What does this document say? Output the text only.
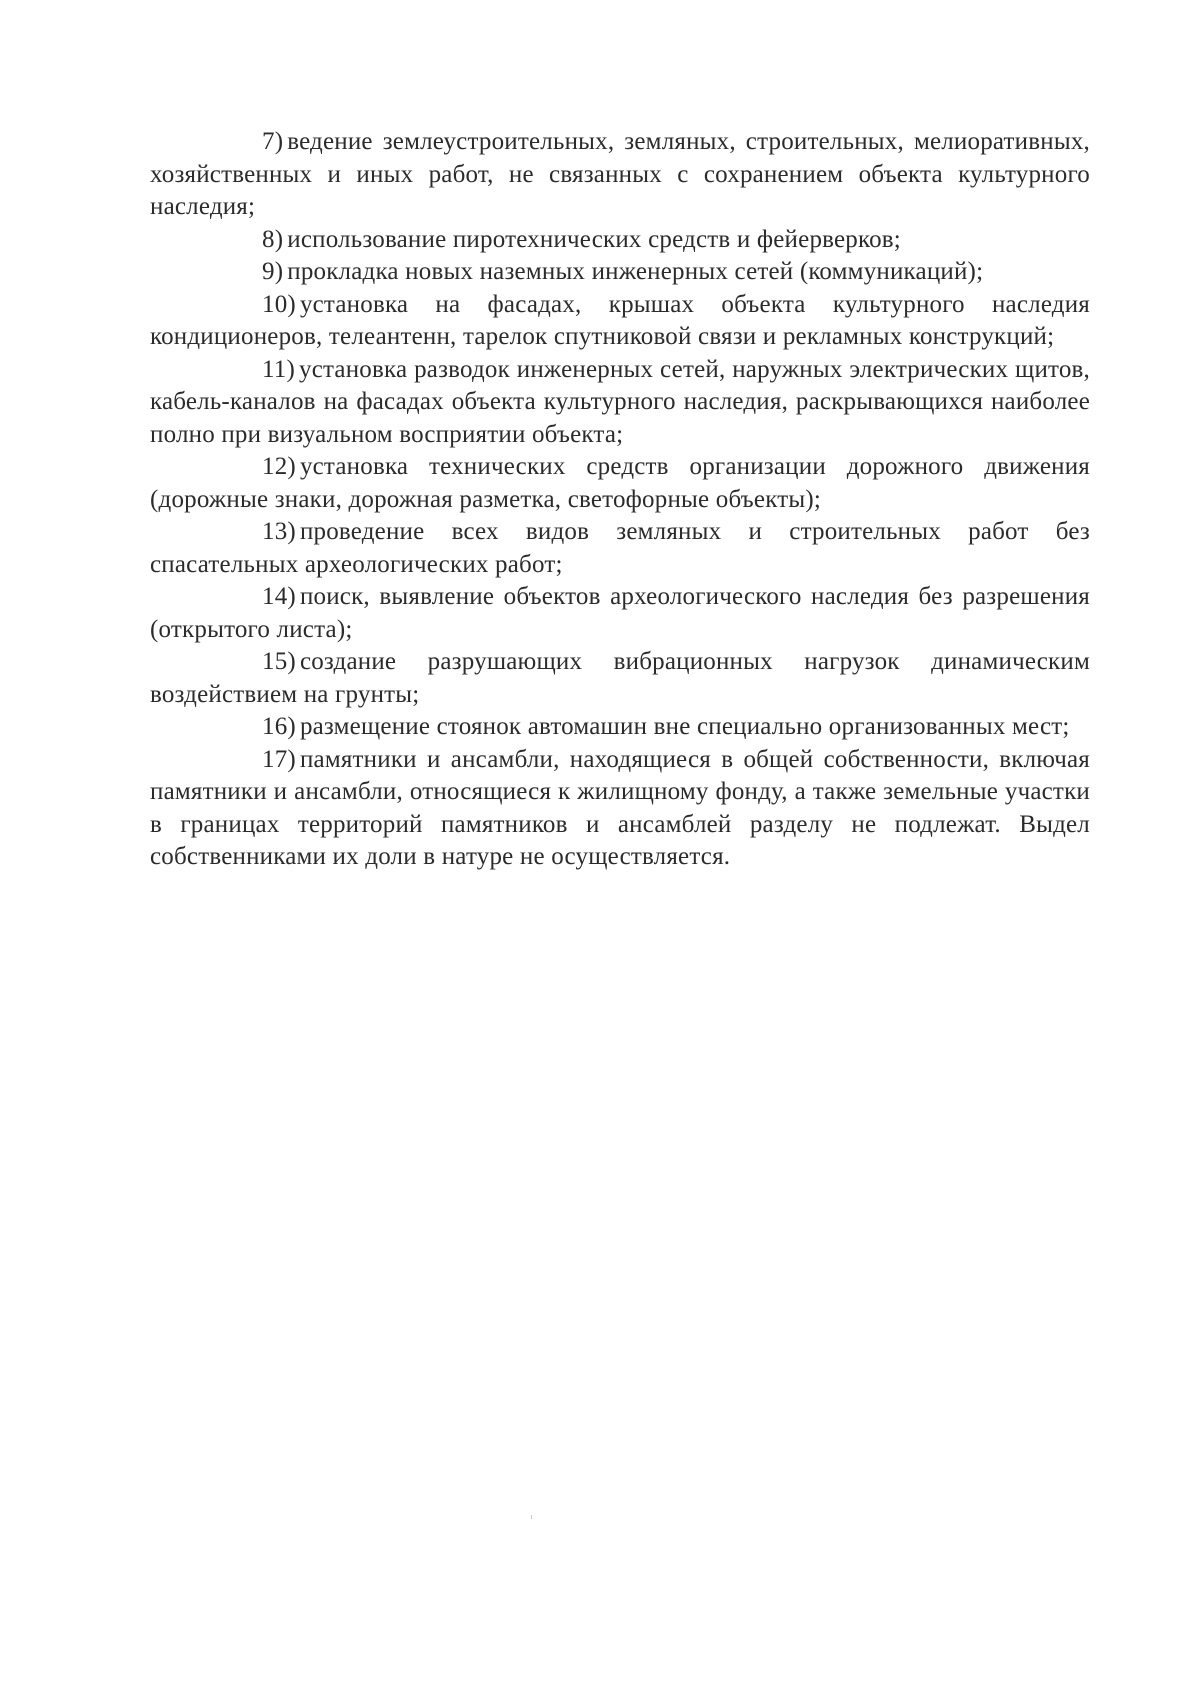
7) ведение землеустроительных, земляных, строительных, мелиоративных, хозяйственных и иных работ, не связанных с сохранением объекта культурного наследия;

8) использование пиротехнических средств и фейерверков;

9) прокладка новых наземных инженерных сетей (коммуникаций);

10) установка на фасадах, крышах объекта культурного наследия кондиционеров, телеантенн, тарелок спутниковой связи и рекламных конструкций;

11) установка разводок инженерных сетей, наружных электрических щитов, кабель-каналов на фасадах объекта культурного наследия, раскрывающихся наиболее полно при визуальном восприятии объекта;

12) установка технических средств организации дорожного движения (дорожные знаки, дорожная разметка, светофорные объекты);

13) проведение всех видов земляных и строительных работ без спасательных археологических работ;

14) поиск, выявление объектов археологического наследия без разрешения (открытого листа);

15) создание разрушающих вибрационных нагрузок динамическим воздействием на грунты;

16) размещение стоянок автомашин вне специально организованных мест;

17) памятники и ансамбли, находящиеся в общей собственности, включая памятники и ансамбли, относящиеся к жилищному фонду, а также земельные участки в границах территорий памятников и ансамблей разделу не подлежат. Выдел собственниками их доли в натуре не осуществляется.
